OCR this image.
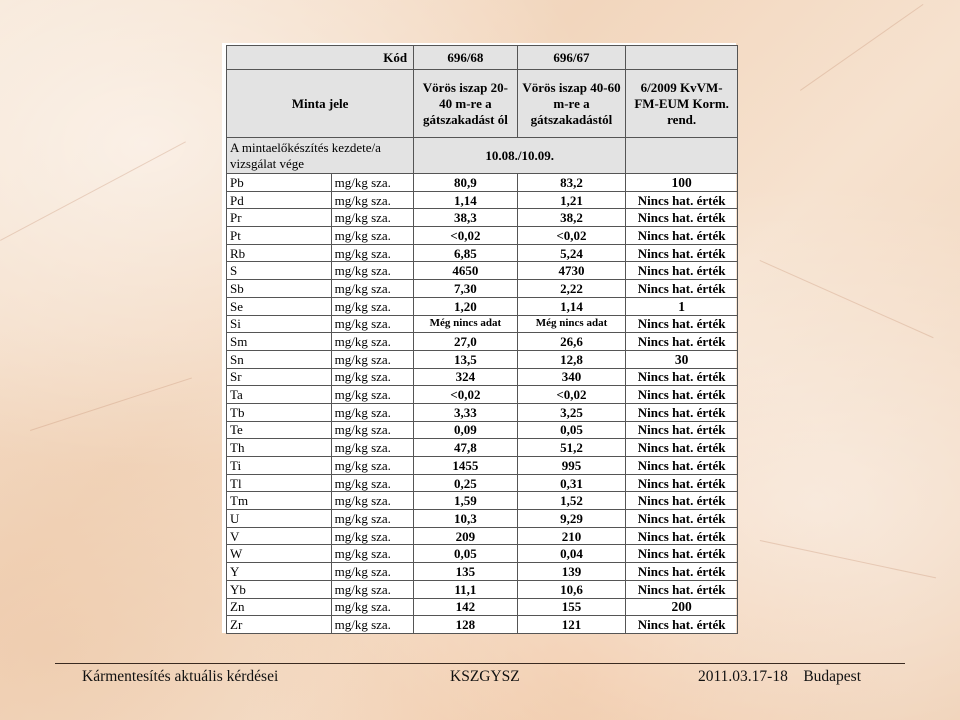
Kód		696/68	696/67	
Minta jele		Vörös iszap 20-40 m-re a gátszakadást ól	Vörös iszap 40-60 m-re a gátszakadástól	6/2009 KvVM-FM-EUM Korm. rend.
A mintaelőkészítés kezdete/a vizsgálat vége		10.08./10.09.		
Pb	mg/kg sza.	80,9	83,2	100
Pd	mg/kg sza.	1,14	1,21	Nincs hat. érték
Pr	mg/kg sza.	38,3	38,2	Nincs hat. érték
Pt	mg/kg sza.	<0,02	<0,02	Nincs hat. érték
Rb	mg/kg sza.	6,85	5,24	Nincs hat. érték
S	mg/kg sza.	4650	4730	Nincs hat. érték
Sb	mg/kg sza.	7,30	2,22	Nincs hat. érték
Se	mg/kg sza.	1,20	1,14	1
Si	mg/kg sza.	Még nincs adat	Még nincs adat	Nincs hat. érték
Sm	mg/kg sza.	27,0	26,6	Nincs hat. érték
Sn	mg/kg sza.	13,5	12,8	30
Sr	mg/kg sza.	324	340	Nincs hat. érték
Ta	mg/kg sza.	<0,02	<0,02	Nincs hat. érték
Tb	mg/kg sza.	3,33	3,25	Nincs hat. érték
Te	mg/kg sza.	0,09	0,05	Nincs hat. érték
Th	mg/kg sza.	47,8	51,2	Nincs hat. érték
Ti	mg/kg sza.	1455	995	Nincs hat. érték
Tl	mg/kg sza.	0,25	0,31	Nincs hat. érték
Tm	mg/kg sza.	1,59	1,52	Nincs hat. érték
U	mg/kg sza.	10,3	9,29	Nincs hat. érték
V	mg/kg sza.	209	210	Nincs hat. érték
W	mg/kg sza.	0,05	0,04	Nincs hat. érték
Y	mg/kg sza.	135	139	Nincs hat. érték
Yb	mg/kg sza.	11,1	10,6	Nincs hat. érték
Zn	mg/kg sza.	142	155	200
Zr	mg/kg sza.	128	121	Nincs hat. érték
Kármentesítés aktuális kérdései	KSZGYSZ	2011.03.17-18    Budapest
